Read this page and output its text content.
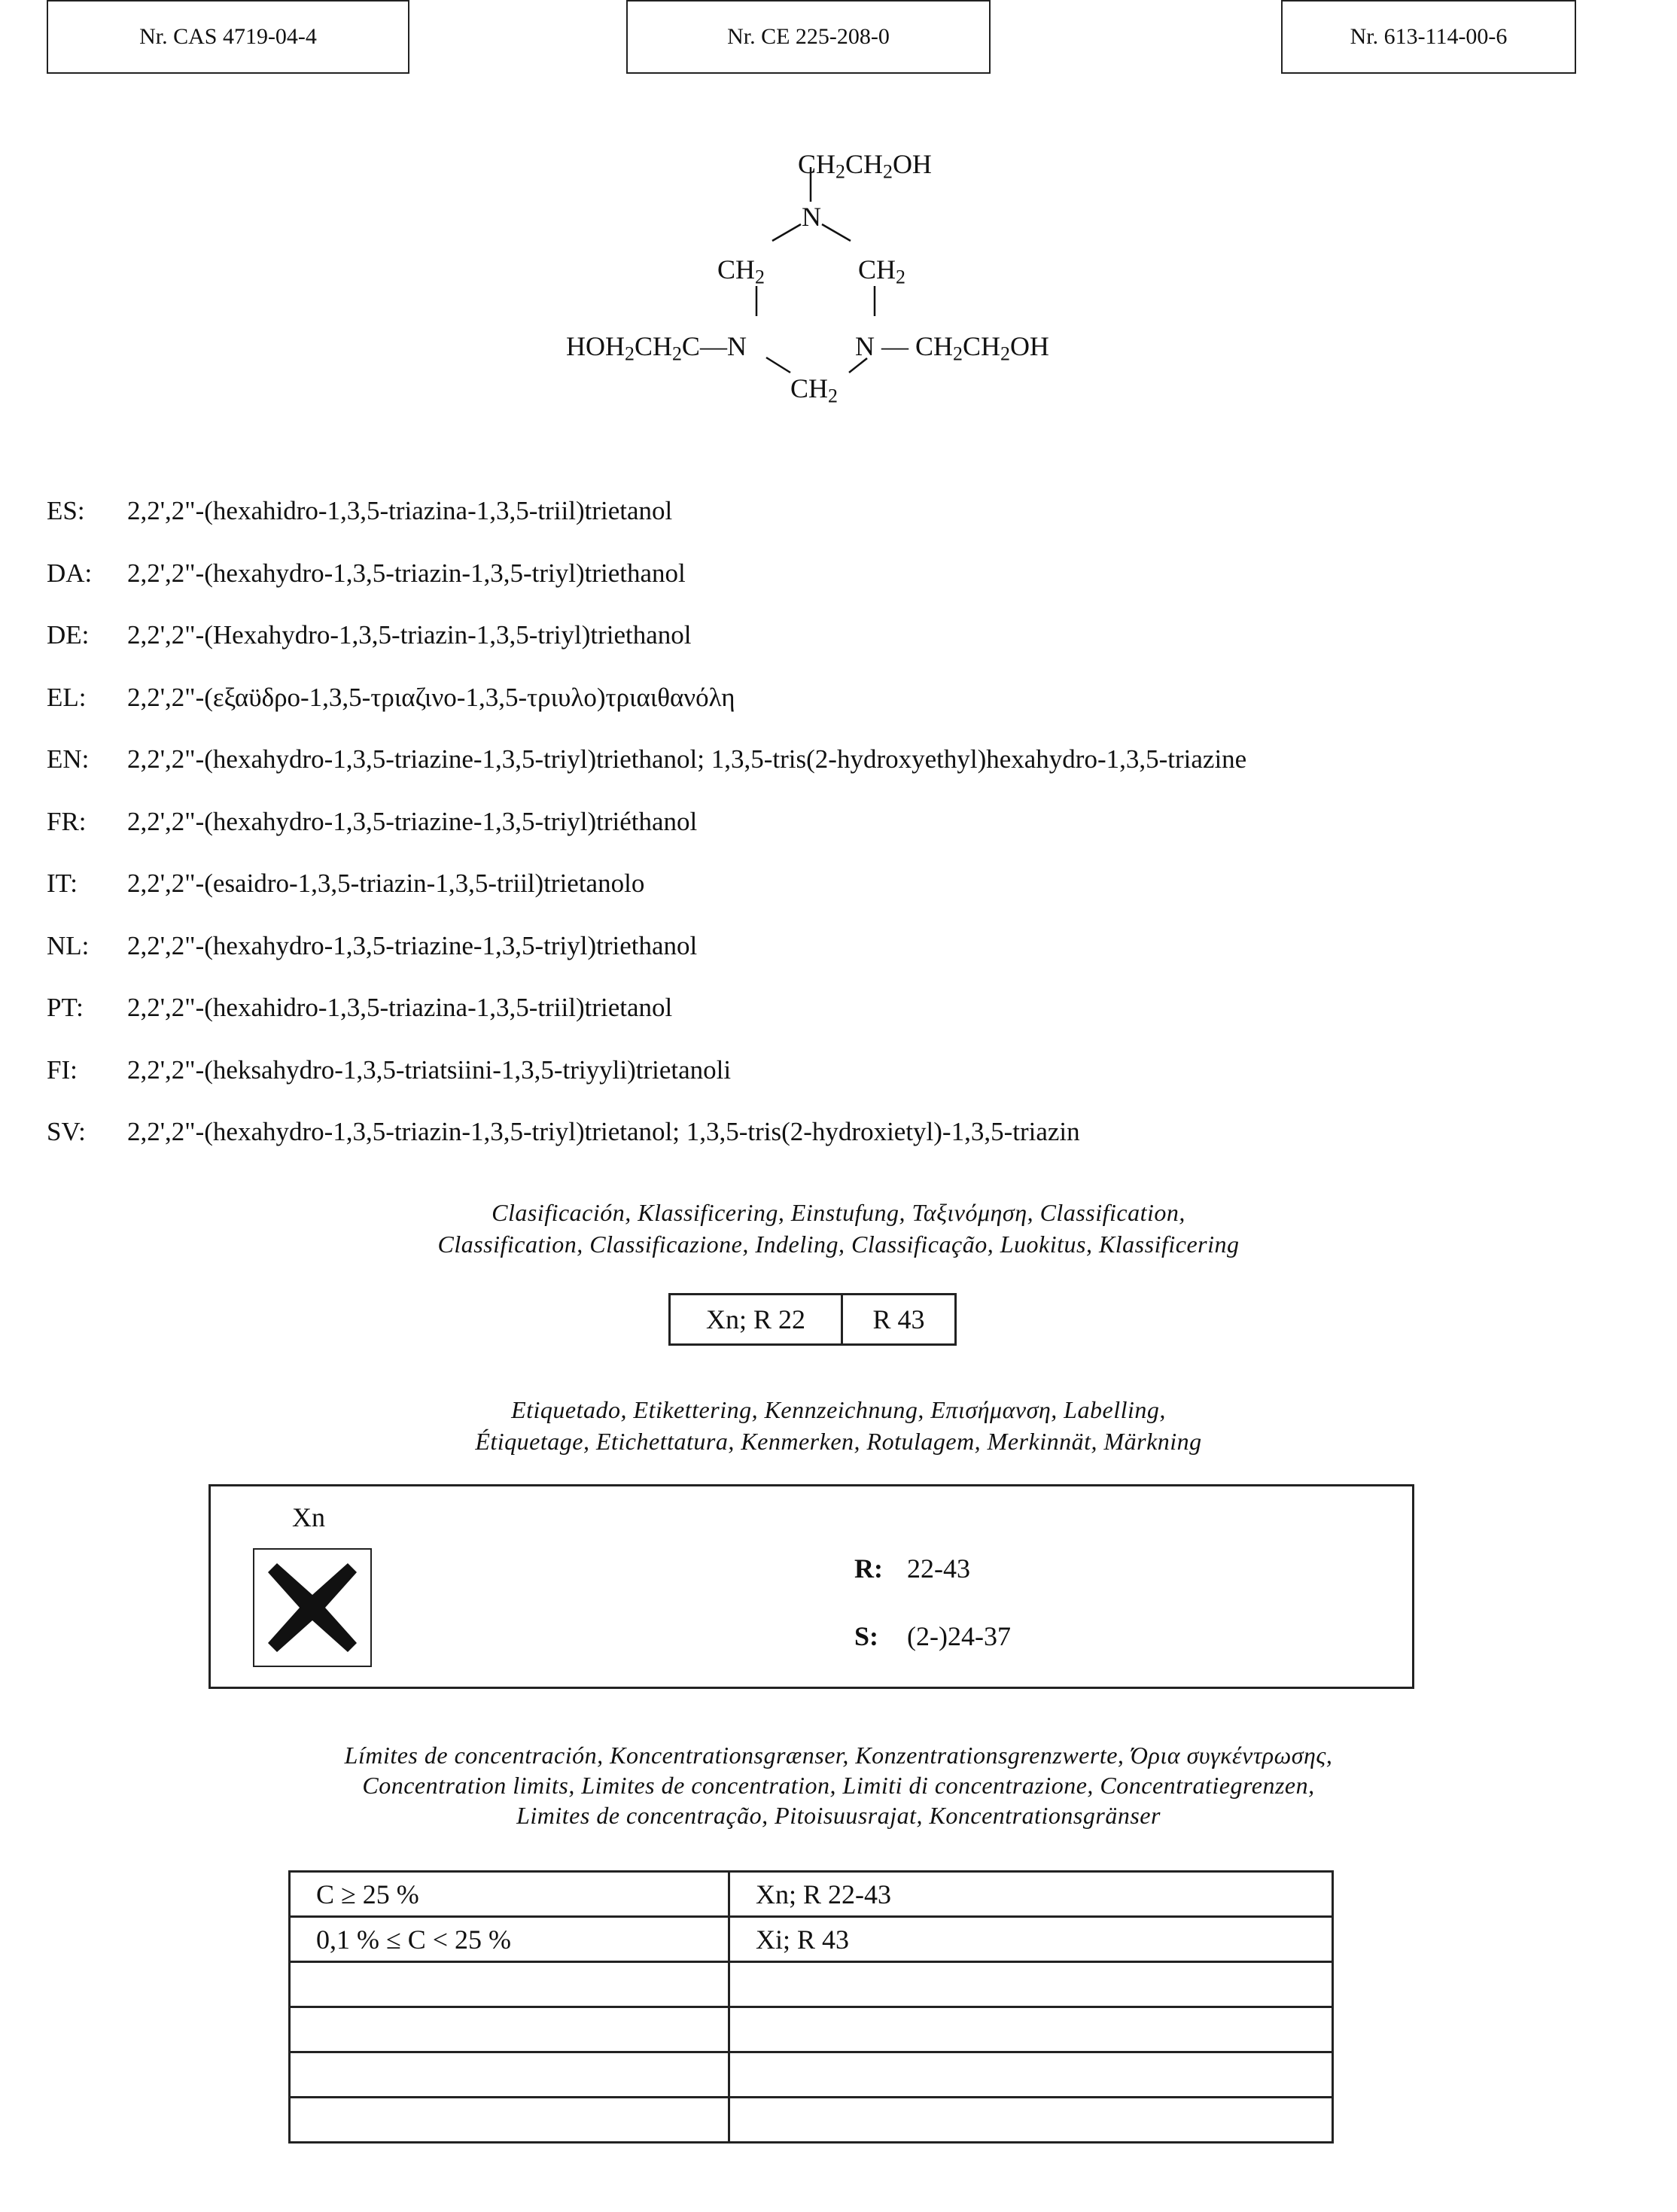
Nr. CAS 4719-04-4	Nr. CE 225-208-0	Nr. 613-114-00-6
$CH_2CH_2OH$
N
$CH_2$	$CH_2$
$HOH_2CH_2C—N$	N — $CH_2CH_2OH$
$CH_2$
ES:	2,2',2"-(hexahidro-1,3,5-triazina-1,3,5-triil)trietanol
DA:	2,2',2"-(hexahydro-1,3,5-triazin-1,3,5-triyl)triethanol
DE:	2,2',2"-(Hexahydro-1,3,5-triazin-1,3,5-triyl)triethanol
EL:	2,2',2"-(εξαϋδρο-1,3,5-τριαζινο-1,3,5-τριυλο)τριαιθανόλη
EN:	2,2',2"-(hexahydro-1,3,5-triazine-1,3,5-triyl)triethanol; 1,3,5-tris(2-hydroxyethyl)hexahydro-1,3,5-triazine
FR:	2,2',2"-(hexahydro-1,3,5-triazine-1,3,5-triyl)triéthanol
IT:	2,2',2"-(esaidro-1,3,5-triazin-1,3,5-triil)trietanolo
NL:	2,2',2"-(hexahydro-1,3,5-triazine-1,3,5-triyl)triethanol
PT:	2,2',2"-(hexahidro-1,3,5-triazina-1,3,5-triil)trietanol
FI:	2,2',2"-(heksahydro-1,3,5-triatsiini-1,3,5-triyyli)trietanoli
SV:	2,2',2"-(hexahydro-1,3,5-triazin-1,3,5-triyl)trietanol; 1,3,5-tris(2-hydroxietyl)-1,3,5-triazin
Clasificación, Klassificering, Einstufung, Ταξινόμηση, Classification,
Classification, Classificazione, Indeling, Classificação, Luokitus, Klassificering
Xn; R 22	R 43
Etiquetado, Etikettering, Kennzeichnung, Επισήμανση, Labelling,
Étiquetage, Etichettatura, Kenmerken, Rotulagem, Merkinnät, Märkning
Xn
R: 22-43
S: (2-)24-37
Límites de concentración, Koncentrationsgrænser, Konzentrationsgrenzwerte, Όρια συγκέντρωσης,
Concentration limits, Limites de concentration, Limiti di concentrazione, Concentratiegrenzen,
Limites de concentração, Pitoisuusrajat, Koncentrationsgränser
C ≥ 25 %	Xn; R 22-43
0,1 % ≤ C < 25 %	Xi; R 43
